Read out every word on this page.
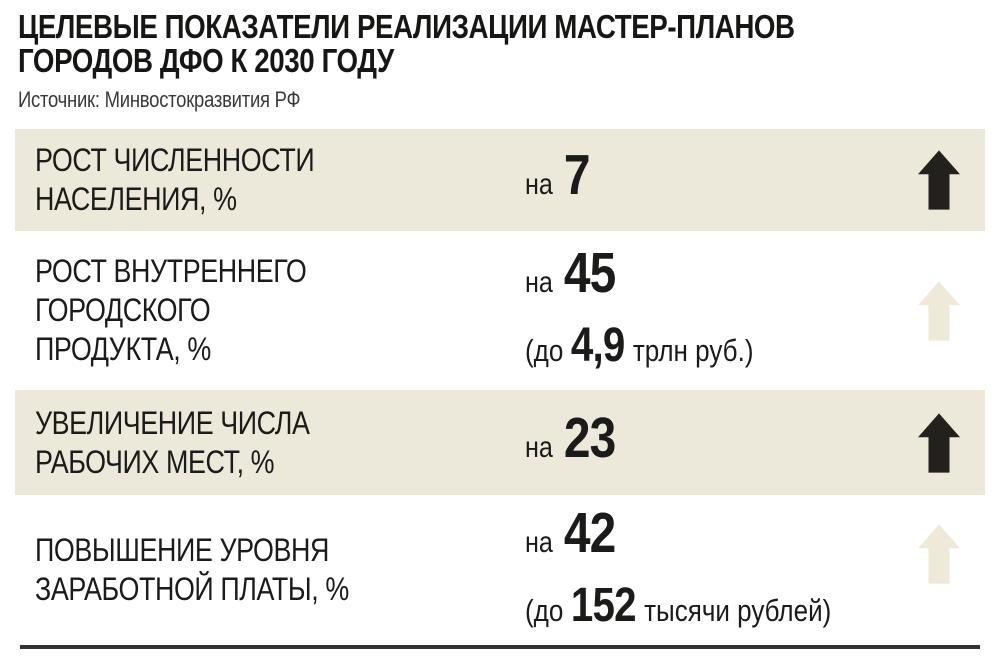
ЦЕЛЕВЫЕ ПОКАЗАТЕЛИ РЕАЛИЗАЦИИ МАСТЕР-ПЛАНОВ
ГОРОДОВ ДФО К 2030 ГОДУ
Источник: Минвостокразвития РФ
РОСТ ЧИСЛЕННОСТИ
НАСЕЛЕНИЯ, %	на 7
РОСТ ВНУТРЕННЕГО
ГОРОДСКОГО
ПРОДУКТА, %
на 45
(до 4,9 трлн руб.)
УВЕЛИЧЕНИЕ ЧИСЛА
РАБОЧИХ МЕСТ, %	на 23
ПОВЫШЕНИЕ УРОВНЯ
ЗАРАБОТНОЙ ПЛАТЫ, %
на 42
(до 152 тысячи рублей)
